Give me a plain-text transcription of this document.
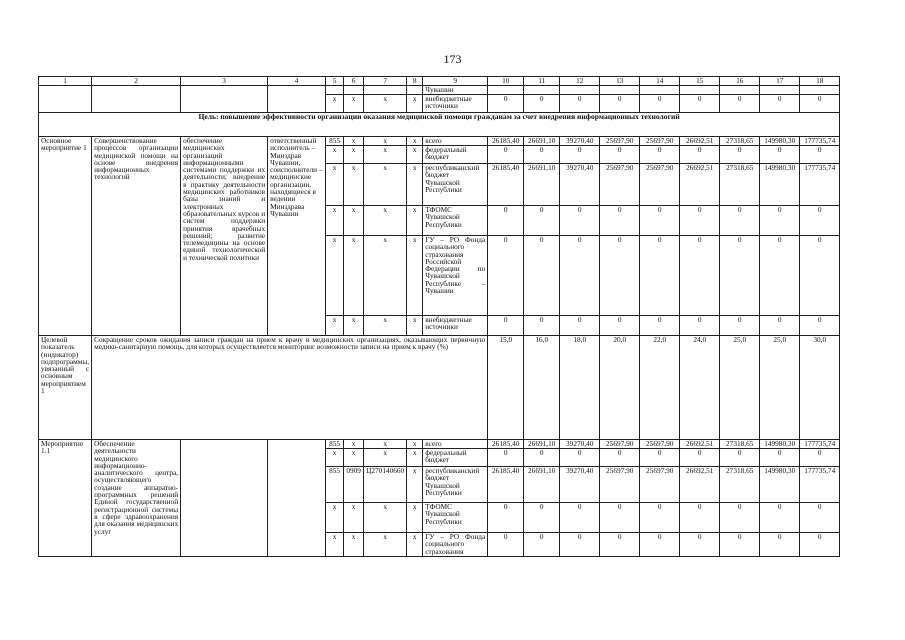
173
1	2	3	4	5	6	7	8	9	10	11	12	13	14	15	16	17	18
								Чувашии									
				x	x	x	x	внебюджетные источники	0	0	0	0	0	0	0	0	0
Цель: повышение эффективности организации оказания медицинской помощи гражданам за счет внедрения информационных технологий																	
Основное мероприятие 1	Совершенствование процессов организации медицинской помощи на основе внедрения информационных технологий	обеспечение медицинских организаций информационными системами поддержки их деятельности; внедрение в практику деятельности медицинских работников базы знаний и электронных образовательных курсов и систем поддержки принятия врачебных решений; развитие телемедицины на основе единой технологической и технической политики	ответственный исполнитель – Минздрав Чувашии, соисполнители – медицинские организации, находящиеся в ведении Минздрава Чувашии	855	х	х	х	всего	26185,40	26691,10	39270,40	25697,90	25697,90	26692,51	27318,65	149980,30	177735,74
				х	х	х	х	федеральный бюджет	0	0	0	0	0	0	0	0	0
				х	х	х	х	республиканский бюджет Чувашской Республики	26185,40	26691,10	39270,40	25697,90	25697,90	26692,51	27318,65	149980,30	177735,74
				х	х	х	х	ТФОМС Чувашской Республики	0	0	0	0	0	0	0	0	0
				х	х	х	х	ГУ – РО Фонда социального страхования Российской Федерации по Чувашской Республике – Чувашии	0	0	0	0	0	0	0	0	0
				х	х	х	х	внебюджетные источники	0	0	0	0	0	0	0	0	0
Целевой показатель (индикатор) подпрограммы, увязанный с основным мероприятием 1	Сокращение сроков ожидания записи граждан на прием к врачу в медицинских организациях, оказывающих первичную медико-санитарную помощь, для которых осуществляется мониторинг возможности записи на прием к врачу (%)								15,0	16,0	18,0	20,0	22,0	24,0	25,0	25,0	30,0
Мероприятие 1.1	Обеспечение деятельности медицинского информационно-аналитического центра, осуществляющего создание аппаратно-программных решений Единой государственной регистрационной системы в сфере здравоохранения для оказания медицинских услуг			855	х	х	х	всего	26185,40	26691,10	39270,40	25697,90	25697,90	26692,51	27318,65	149980,30	177735,74
				х	х	х	х	федеральный бюджет	0	0	0	0	0	0	0	0	0
				855	0909	Ц270140660	х	республиканский бюджет Чувашской Республики	26185,40	26691,10	39270,40	25697,90	25697,90	26692,51	27318,65	149980,30	177735,74
				х	х	х	х	ТФОМС Чувашской Республики	0	0	0	0	0	0	0	0	0
				х	х	х	х	ГУ – РО Фонда социального страхования	0	0	0	0	0	0	0	0	0
